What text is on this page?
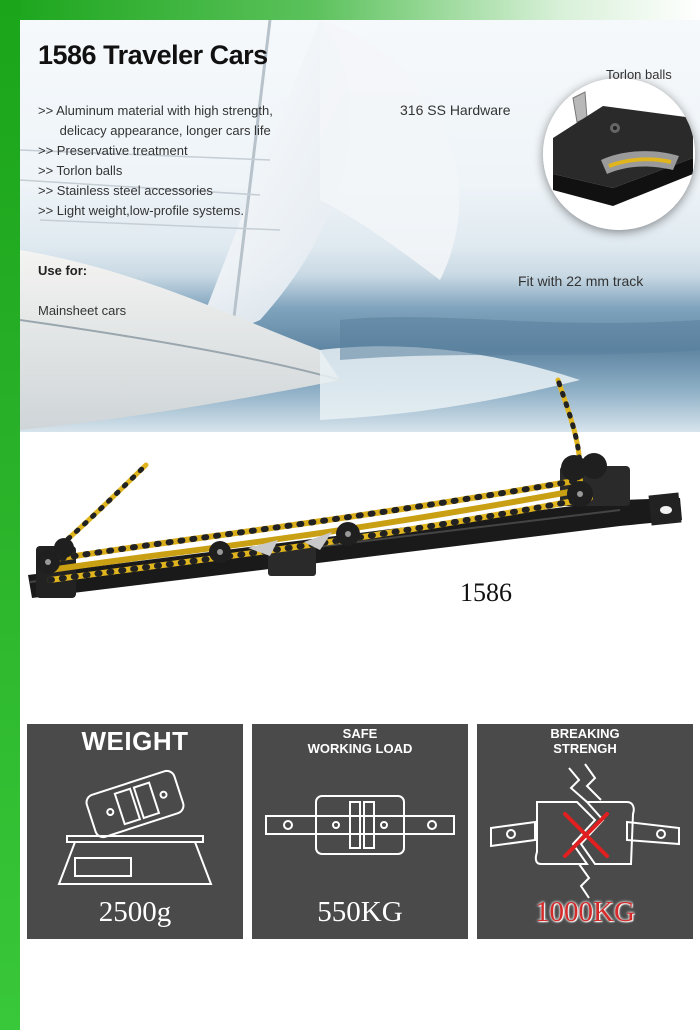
1586 Traveler Cars
>> Aluminum material with high strength,
delicacy appearance, longer cars life
>> Preservative treatment
>> Torlon balls
>> Stainless steel accessories
>> Light weight,low-profile systems.
Use for:
Mainsheet cars
316 SS Hardware
Torlon balls
Fit with 22 mm track
1586
WEIGHT
2500g
SAFE
WORKING LOAD
550KG
BREAKING
STRENGH
1000KG
